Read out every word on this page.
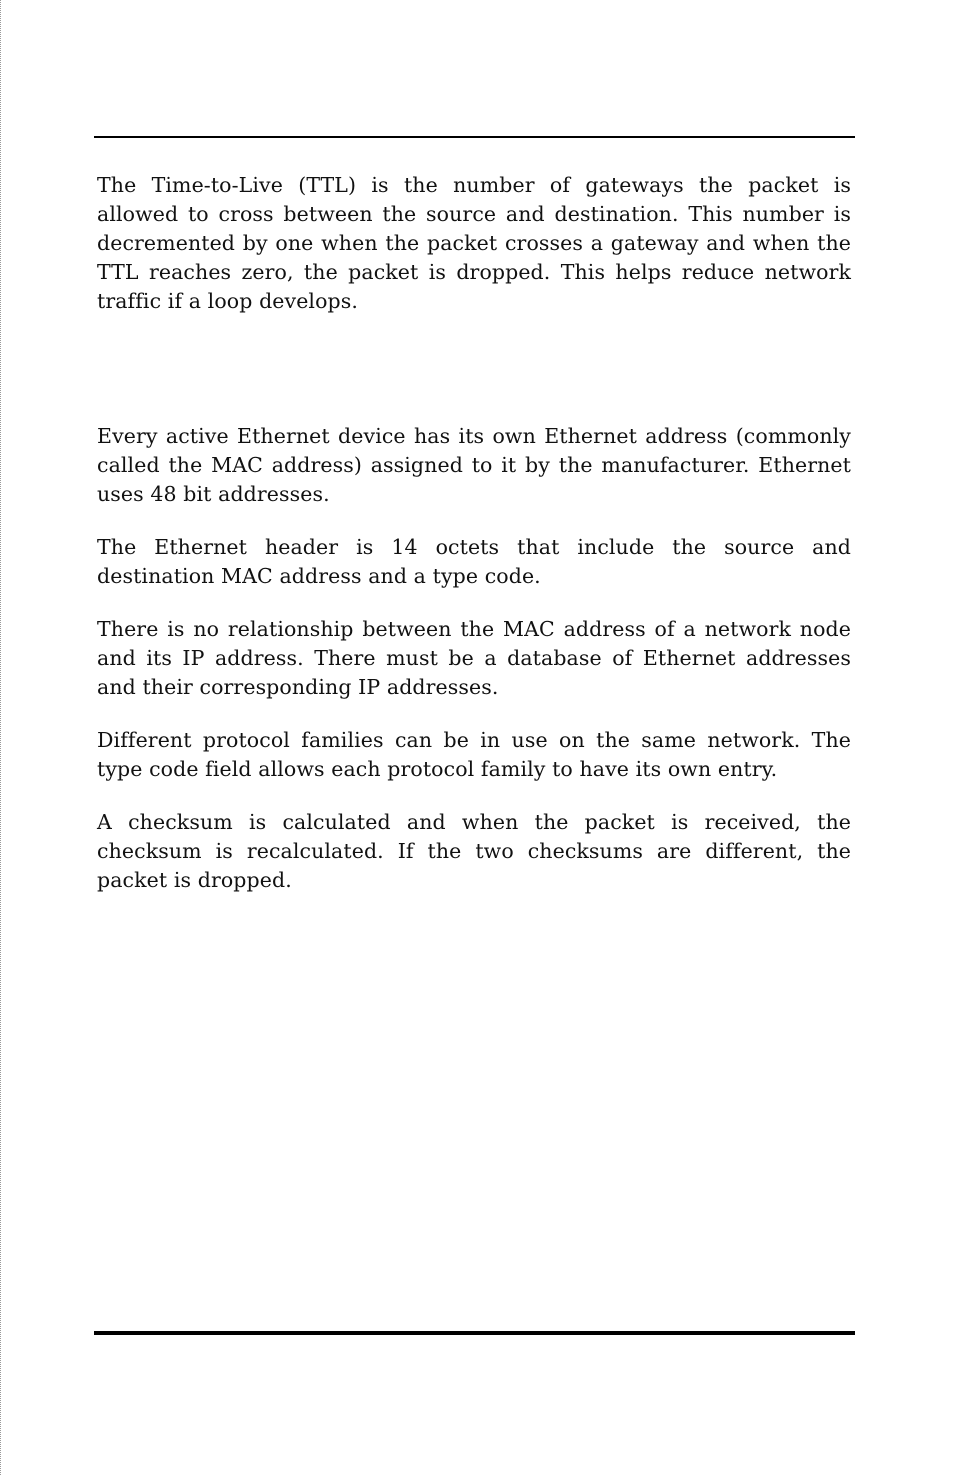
The Time-to-Live (TTL) is the number of gateways the packet is allowed to cross between the source and destination. This number is decremented by one when the packet crosses a gateway and when the TTL reaches zero, the packet is dropped. This helps reduce network traffic if a loop develops.

Every active Ethernet device has its own Ethernet address (commonly called the MAC address) assigned to it by the manufacturer. Ethernet uses 48 bit addresses.

The Ethernet header is 14 octets that include the source and destination MAC address and a type code.

There is no relationship between the MAC address of a network node and its IP address. There must be a database of Ethernet addresses and their corresponding IP addresses.

Different protocol families can be in use on the same network. The type code field allows each protocol family to have its own entry.

A checksum is calculated and when the packet is received, the checksum is recalculated. If the two checksums are different, the packet is dropped.
